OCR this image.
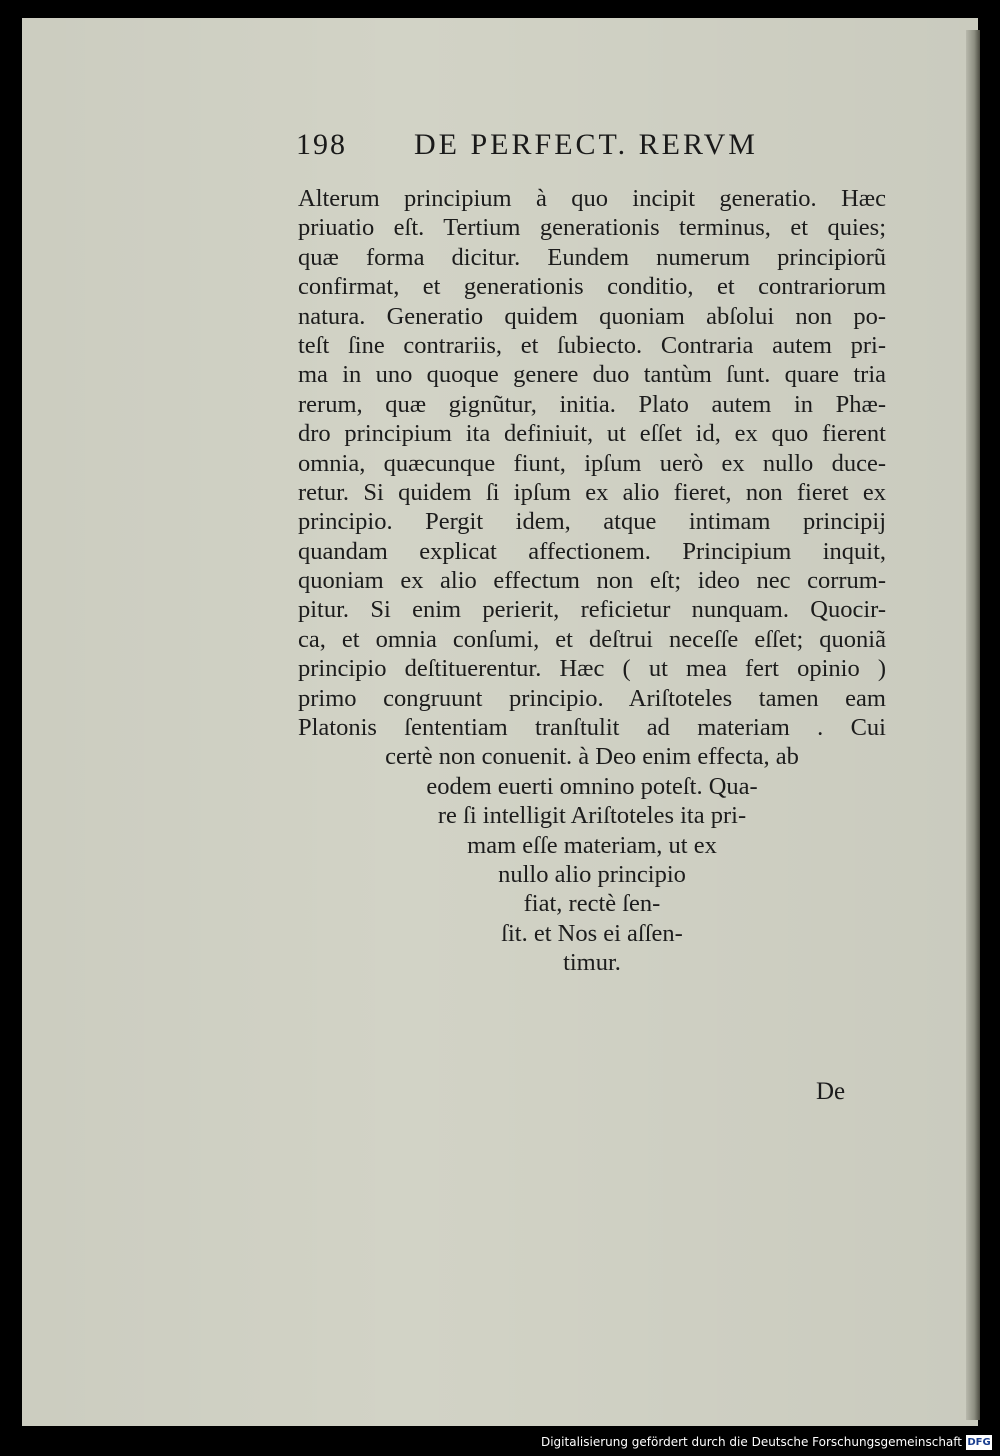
198 DE PERFECT. RERVM
Alterum principium à quo incipit generatio. Hæc
priuatio eſt. Tertium generationis terminus, et quies;
quæ forma dicitur. Eundem numerum principiorũ
confirmat, et generationis conditio, et contrariorum
natura. Generatio quidem quoniam abſolui non po-
teſt ſine contrariis, et ſubiecto. Contraria autem pri-
ma in uno quoque genere duo tantùm ſunt. quare tria
rerum, quæ gignũtur, initia. Plato autem in Phæ-
dro principium ita definiuit, ut eſſet id, ex quo fierent
omnia, quæcunque fiunt, ipſum uerò ex nullo duce-
retur. Si quidem ſi ipſum ex alio fieret, non fieret ex
principio. Pergit idem, atque intimam principij
quandam explicat affectionem. Principium inquit,
quoniam ex alio effectum non eſt; ideo nec corrum-
pitur. Si enim perierit, reficietur nunquam. Quocir-
ca, et omnia conſumi, et deſtrui neceſſe eſſet; quoniã
principio deſtituerentur. Hæc ( ut mea fert opinio )
primo congruunt principio. Ariſtoteles tamen eam
Platonis ſententiam tranſtulit ad materiam . Cui
certè non conuenit. à Deo enim effecta, ab
eodem euerti omnino poteſt. Qua-
re ſi intelligit Ariſtoteles ita pri-
mam eſſe materiam, ut ex
nullo alio principio
fiat, rectè ſen-
ſit. et Nos ei aſſen-
timur.
De
Digitalisierung gefördert durch die Deutsche Forschungsgemeinschaft DFG
